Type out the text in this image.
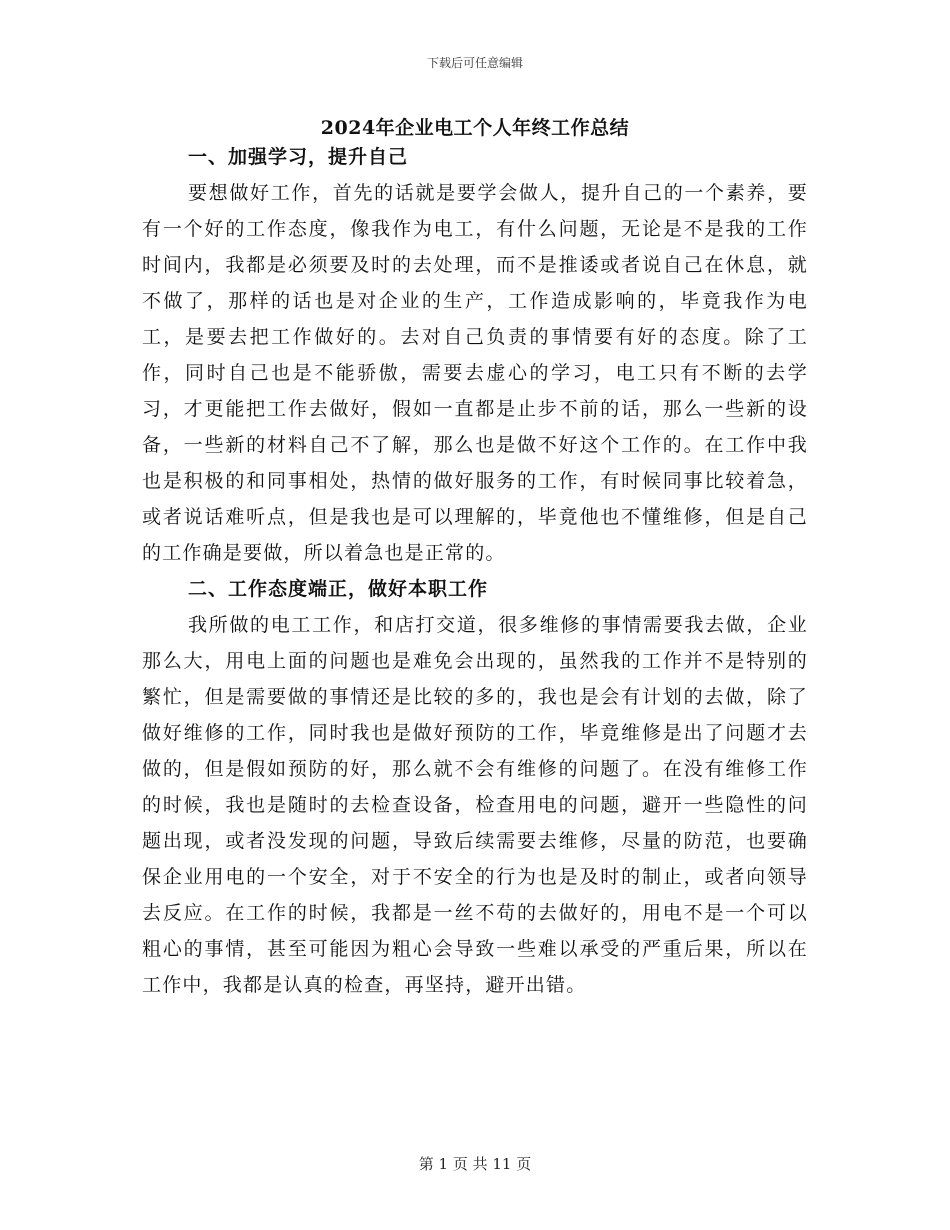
下载后可任意编辑
2024年企业电工个人年终工作总结

一、加强学习，提升自己

要想做好工作，首先的话就是要学会做人，提升自己的一个素养，要有一个好的工作态度，像我作为电工，有什么问题，无论是不是我的工作时间内，我都是必须要及时的去处理，而不是推诿或者说自己在休息，就不做了，那样的话也是对企业的生产，工作造成影响的，毕竟我作为电工，是要去把工作做好的。去对自己负责的事情要有好的态度。除了工作，同时自己也是不能骄傲，需要去虚心的学习，电工只有不断的去学习，才更能把工作去做好，假如一直都是止步不前的话，那么一些新的设备，一些新的材料自己不了解，那么也是做不好这个工作的。在工作中我也是积极的和同事相处，热情的做好服务的工作，有时候同事比较着急，或者说话难听点，但是我也是可以理解的，毕竟他也不懂维修，但是自己的工作确是要做，所以着急也是正常的。

二、工作态度端正，做好本职工作

我所做的电工工作，和店打交道，很多维修的事情需要我去做，企业那么大，用电上面的问题也是难免会出现的，虽然我的工作并不是特别的繁忙，但是需要做的事情还是比较的多的，我也是会有计划的去做，除了做好维修的工作，同时我也是做好预防的工作，毕竟维修是出了问题才去做的，但是假如预防的好，那么就不会有维修的问题了。在没有维修工作的时候，我也是随时的去检查设备，检查用电的问题，避开一些隐性的问题出现，或者没发现的问题，导致后续需要去维修，尽量的防范，也要确保企业用电的一个安全，对于不安全的行为也是及时的制止，或者向领导去反应。在工作的时候，我都是一丝不苟的去做好的，用电不是一个可以粗心的事情，甚至可能因为粗心会导致一些难以承受的严重后果，所以在工作中，我都是认真的检查，再坚持，避开出错。

第 1 页 共 11 页
